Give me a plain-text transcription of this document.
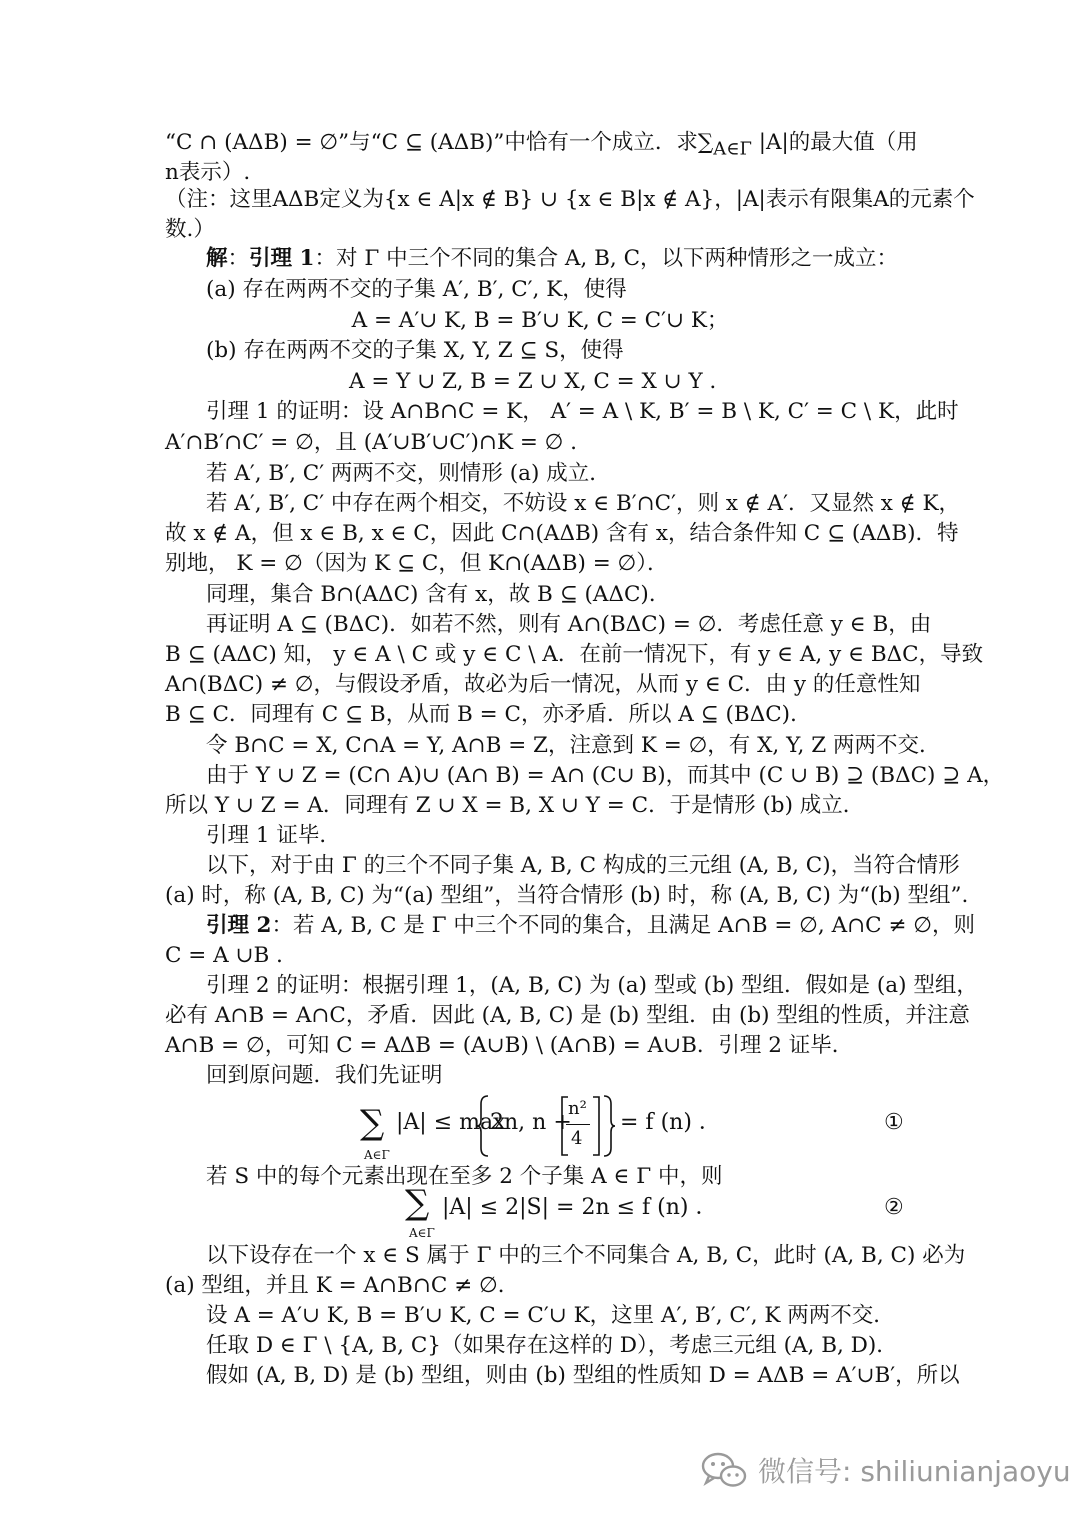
“C ∩ (AΔB) = ∅”与“C ⊆ (AΔB)”中恰有一个成立．求$\sum_{A\in\Gamma}$ |A|的最大值（用
n表示）.
（注：这里AΔB定义为{x ∈ A|x ∉ B} ∪ {x ∈ B|x ∉ A}，|A|表示有限集A的元素个
数.）
解：引理 1：对 Γ 中三个不同的集合 A, B, C，以下两种情形之一成立：
(a) 存在两两不交的子集 A′, B′, C′, K，使得
A = A′∪ K, B = B′∪ K, C = C′∪ K；
(b) 存在两两不交的子集 X, Y, Z ⊆ S，使得
A = Y ∪ Z, B = Z ∪ X, C = X ∪ Y ．
引理 1 的证明：设 A∩B∩C = K， A′ = A \ K, B′ = B \ K, C′ = C \ K，此时
A′∩B′∩C′ = ∅，且 (A′∪B′∪C′)∩K = ∅ ．
若 A′, B′, C′ 两两不交，则情形 (a) 成立．
若 A′, B′, C′ 中存在两个相交，不妨设 x ∈ B′∩C′，则 x ∉ A′．又显然 x ∉ K，
故 x ∉ A，但 x ∈ B, x ∈ C，因此 C∩(AΔB) 含有 x，结合条件知 C ⊆ (AΔB)．特
别地， K = ∅（因为 K ⊆ C，但 K∩(AΔB) = ∅）．
同理，集合 B∩(AΔC) 含有 x，故 B ⊆ (AΔC)．
再证明 A ⊆ (BΔC)．如若不然，则有 A∩(BΔC) = ∅．考虑任意 y ∈ B，由
B ⊆ (AΔC) 知， y ∈ A \ C 或 y ∈ C \ A．在前一情况下，有 y ∈ A, y ∈ BΔC，导致
A∩(BΔC) ≠ ∅，与假设矛盾，故必为后一情况，从而 y ∈ C．由 y 的任意性知
B ⊆ C．同理有 C ⊆ B，从而 B = C，亦矛盾．所以 A ⊆ (BΔC)．
令 B∩C = X, C∩A = Y, A∩B = Z，注意到 K = ∅，有 X, Y, Z 两两不交．
由于 Y ∪ Z = (C∩ A)∪ (A∩ B) = A∩ (C∪ B)，而其中 (C ∪ B) ⊇ (BΔC) ⊇ A，
所以 Y ∪ Z = A．同理有 Z ∪ X = B, X ∪ Y = C．于是情形 (b) 成立．
引理 1 证毕．
以下，对于由 Γ 的三个不同子集 A, B, C 构成的三元组 (A, B, C)，当符合情形
(a) 时，称 (A, B, C) 为“(a) 型组”，当符合情形 (b) 时，称 (A, B, C) 为“(b) 型组”.
引理 2：若 A, B, C 是 Γ 中三个不同的集合，且满足 A∩B = ∅, A∩C ≠ ∅，则
C = A ∪B ．
引理 2 的证明：根据引理 1，(A, B, C) 为 (a) 型或 (b) 型组．假如是 (a) 型组，
必有 A∩B = A∩C，矛盾．因此 (A, B, C) 是 (b) 型组．由 (b) 型组的性质，并注意
A∩B = ∅，可知 C = AΔB = (A∪B) \ (A∩B) = A∪B．引理 2 证毕．
回到原问题．我们先证明
∑
A∈Γ
|A| ≤ max
2n, n +
n²
4
= f (n) ．	①
若 S 中的每个元素出现在至多 2 个子集 A ∈ Γ 中，则
∑
A∈Γ
|A| ≤ 2|S| = 2n ≤ f (n) ．	②
以下设存在一个 x ∈ S 属于 Γ 中的三个不同集合 A, B, C，此时 (A, B, C) 必为
(a) 型组，并且 K = A∩B∩C ≠ ∅．
设 A = A′∪ K, B = B′∪ K, C = C′∪ K，这里 A′, B′, C′, K 两两不交．
任取 D ∈ Γ \ {A, B, C}（如果存在这样的 D），考虑三元组 (A, B, D)．
假如 (A, B, D) 是 (b) 型组，则由 (b) 型组的性质知 D = AΔB = A′∪B′，所以
微信号: shiliunianjaoyu
